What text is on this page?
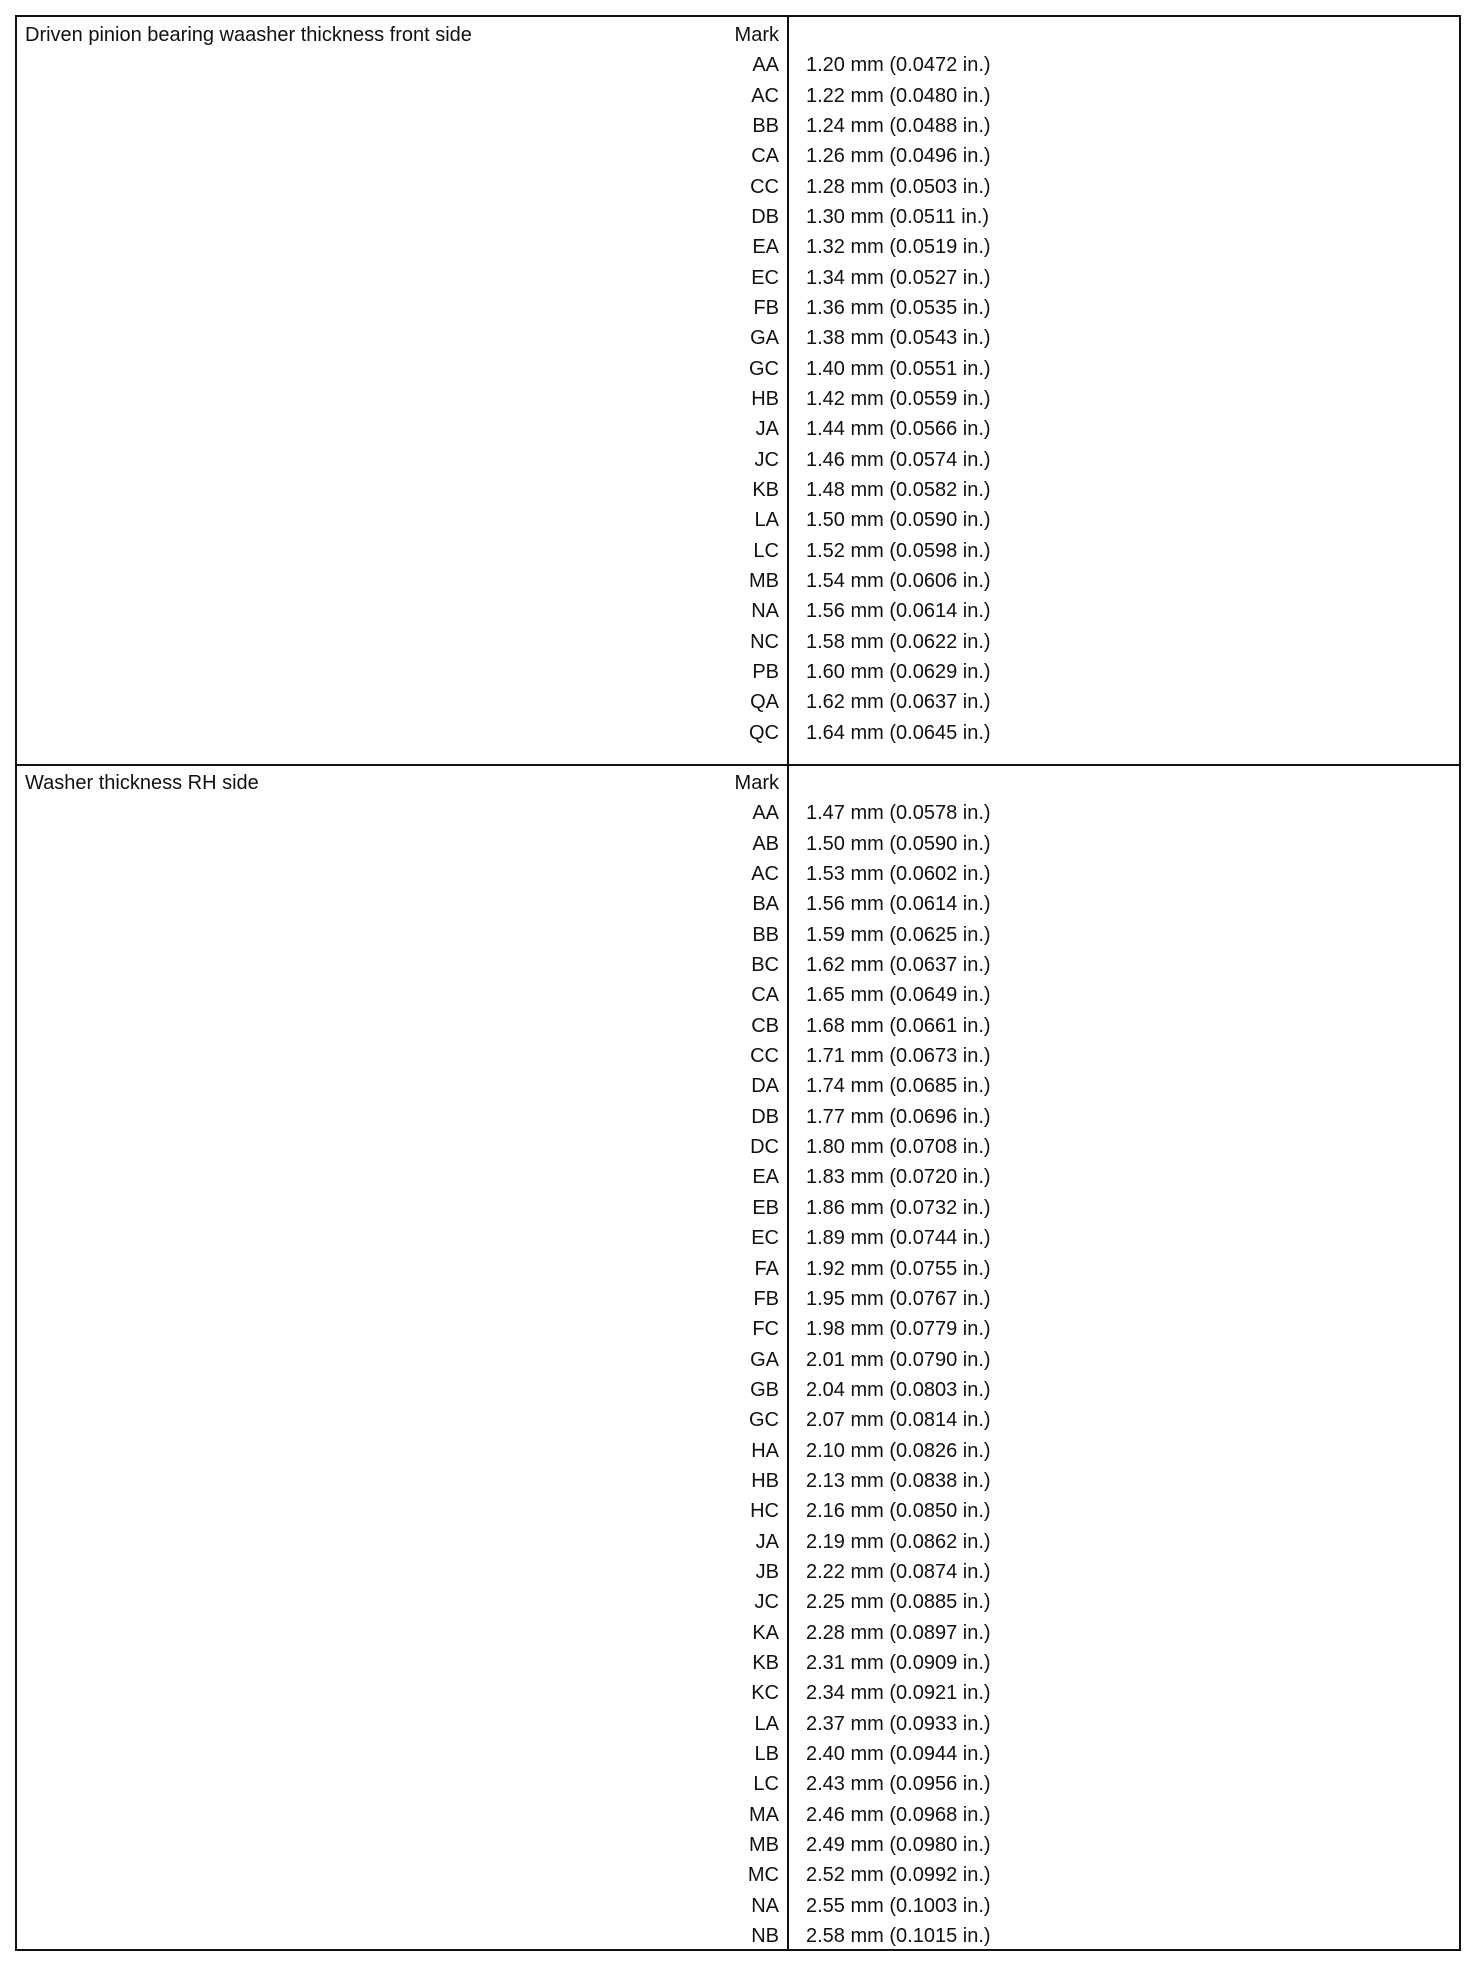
Driven pinion bearing waasher thickness front side	Mark
AA 1.20 mm (0.0472 in.)
AC 1.22 mm (0.0480 in.)
BB 1.24 mm (0.0488 in.)
CA 1.26 mm (0.0496 in.)
CC 1.28 mm (0.0503 in.)
DB 1.30 mm (0.0511 in.)
EA 1.32 mm (0.0519 in.)
EC 1.34 mm (0.0527 in.)
FB 1.36 mm (0.0535 in.)
GA 1.38 mm (0.0543 in.)
GC 1.40 mm (0.0551 in.)
HB 1.42 mm (0.0559 in.)
JA 1.44 mm (0.0566 in.)
JC 1.46 mm (0.0574 in.)
KB 1.48 mm (0.0582 in.)
LA 1.50 mm (0.0590 in.)
LC 1.52 mm (0.0598 in.)
MB 1.54 mm (0.0606 in.)
NA 1.56 mm (0.0614 in.)
NC 1.58 mm (0.0622 in.)
PB 1.60 mm (0.0629 in.)
QA 1.62 mm (0.0637 in.)
QC 1.64 mm (0.0645 in.)
Washer thickness RH side	Mark
AA 1.47 mm (0.0578 in.)
AB 1.50 mm (0.0590 in.)
AC 1.53 mm (0.0602 in.)
BA 1.56 mm (0.0614 in.)
BB 1.59 mm (0.0625 in.)
BC 1.62 mm (0.0637 in.)
CA 1.65 mm (0.0649 in.)
CB 1.68 mm (0.0661 in.)
CC 1.71 mm (0.0673 in.)
DA 1.74 mm (0.0685 in.)
DB 1.77 mm (0.0696 in.)
DC 1.80 mm (0.0708 in.)
EA 1.83 mm (0.0720 in.)
EB 1.86 mm (0.0732 in.)
EC 1.89 mm (0.0744 in.)
FA 1.92 mm (0.0755 in.)
FB 1.95 mm (0.0767 in.)
FC 1.98 mm (0.0779 in.)
GA 2.01 mm (0.0790 in.)
GB 2.04 mm (0.0803 in.)
GC 2.07 mm (0.0814 in.)
HA 2.10 mm (0.0826 in.)
HB 2.13 mm (0.0838 in.)
HC 2.16 mm (0.0850 in.)
JA 2.19 mm (0.0862 in.)
JB 2.22 mm (0.0874 in.)
JC 2.25 mm (0.0885 in.)
KA 2.28 mm (0.0897 in.)
KB 2.31 mm (0.0909 in.)
KC 2.34 mm (0.0921 in.)
LA 2.37 mm (0.0933 in.)
LB 2.40 mm (0.0944 in.)
LC 2.43 mm (0.0956 in.)
MA 2.46 mm (0.0968 in.)
MB 2.49 mm (0.0980 in.)
MC 2.52 mm (0.0992 in.)
NA 2.55 mm (0.1003 in.)
NB 2.58 mm (0.1015 in.)
